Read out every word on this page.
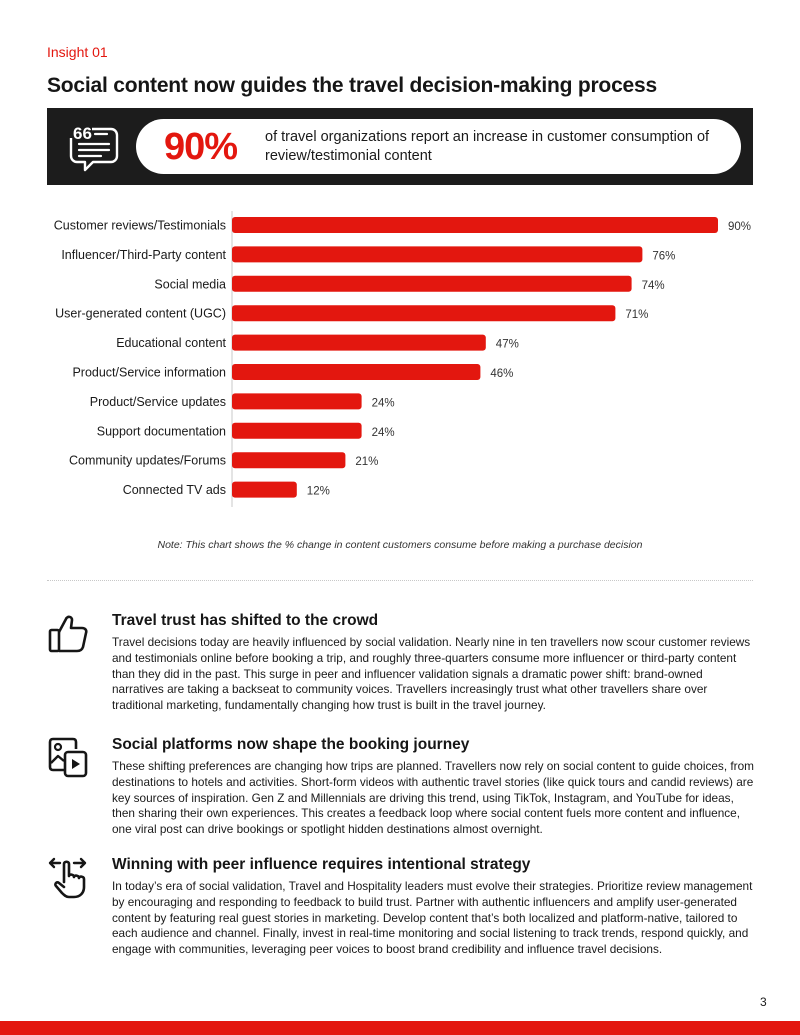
Insight 01
Social content now guides the travel decision-making process
66 90% of travel organizations report an increase in customer consumption of review/testimonial content
Customer reviews/Testimonials	90%
Influencer/Third-Party content	76%
Social media	74%
User-generated content (UGC)	71%
Educational content	47%
Product/Service information	46%
Product/Service updates	24%
Support documentation	24%
Community updates/Forums	21%
Connected TV ads	12%
Note: This chart shows the % change in content customers consume before making a purchase decision
Travel trust has shifted to the crowd

Travel decisions today are heavily influenced by social validation. Nearly nine in ten travellers now scour customer reviews and testimonials online before booking a trip, and roughly three-quarters consume more influencer or third-party content than they did in the past. This surge in peer and influencer validation signals a dramatic power shift: brand-owned narratives are taking a backseat to community voices. Travellers increasingly trust what other travellers share over traditional marketing, fundamentally changing how trust is built in the travel journey.

Social platforms now shape the booking journey

These shifting preferences are changing how trips are planned. Travellers now rely on social content to guide choices, from destinations to hotels and activities. Short-form videos with authentic travel stories (like quick tours and candid reviews) are key sources of inspiration. Gen Z and Millennials are driving this trend, using TikTok, Instagram, and YouTube for ideas, then sharing their own experiences. This creates a feedback loop where social content fuels more content and influence, one viral post can drive bookings or spotlight hidden destinations almost overnight.

Winning with peer influence requires intentional strategy

In today’s era of social validation, Travel and Hospitality leaders must evolve their strategies. Prioritize review management by encouraging and responding to feedback to build trust. Partner with authentic influencers and amplify user-generated content by featuring real guest stories in marketing. Develop content that’s both localized and platform-native, tailored to each audience and channel. Finally, invest in real-time monitoring and social listening to track trends, respond quickly, and engage with communities, leveraging peer voices to boost brand credibility and influence travel decisions.

3
